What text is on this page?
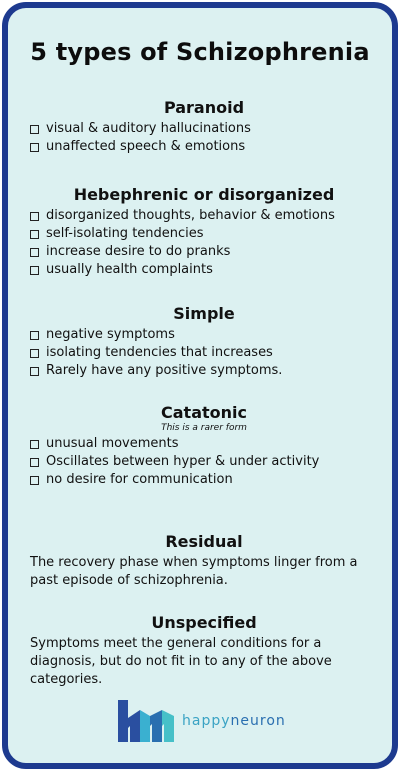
5 types of Schizophrenia
Paranoid
visual & auditory hallucinations
unaffected speech & emotions
Hebephrenic or disorganized
disorganized thoughts, behavior & emotions
self-isolating tendencies
increase desire to do pranks
usually health complaints
Simple
negative symptoms
isolating tendencies that increases
Rarely have any positive symptoms.
Catatonic
This is a rarer form
unusual movements
Oscillates between hyper & under activity
no desire for communication
Residual
The recovery phase when symptoms linger from a past episode of schizophrenia.
Unspecified
Symptoms meet the general conditions for a diagnosis, but do not fit in to any of the above categories.
happyneuron
